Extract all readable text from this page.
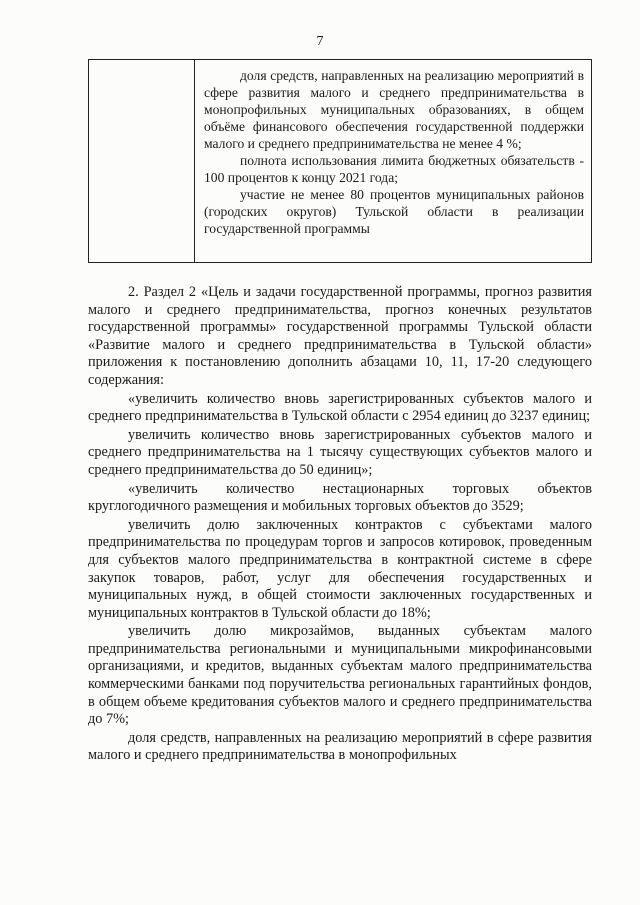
7

доля средств, направленных на реализацию мероприятий в сфере развития малого и среднего предпринимательства в монопрофильных муниципальных образованиях, в общем объёме финансового обеспечения государственной поддержки малого и среднего предпринимательства не менее 4 %;

полнота использования лимита бюджетных обязательств - 100 процентов к концу 2021 года;

участие не менее 80 процентов муниципальных районов (городских округов) Тульской области в реализации государственной программы

2. Раздел 2 «Цель и задачи государственной программы, прогноз развития малого и среднего предпринимательства, прогноз конечных результатов государственной программы» государственной программы Тульской области «Развитие малого и среднего предпринимательства в Тульской области» приложения к постановлению дополнить абзацами 10, 11, 17-20 следующего содержания:

«увеличить количество вновь зарегистрированных субъектов малого и среднего предпринимательства в Тульской области с 2954 единиц до 3237 единиц;

увеличить количество вновь зарегистрированных субъектов малого и среднего предпринимательства на 1 тысячу существующих субъектов малого и среднего предпринимательства до 50 единиц»;

«увеличить количество нестационарных торговых объектов круглогодичного размещения и мобильных торговых объектов до 3529;

увеличить долю заключенных контрактов с субъектами малого предпринимательства по процедурам торгов и запросов котировок, проведенным для субъектов малого предпринимательства в контрактной системе в сфере закупок товаров, работ, услуг для обеспечения государственных и муниципальных нужд, в общей стоимости заключенных государственных и муниципальных контрактов в Тульской области до 18%;

увеличить долю микрозаймов, выданных субъектам малого предпринимательства региональными и муниципальными микрофинансовыми организациями, и кредитов, выданных субъектам малого предпринимательства коммерческими банками под поручительства региональных гарантийных фондов, в общем объеме кредитования субъектов малого и среднего предпринимательства до 7%;

доля средств, направленных на реализацию мероприятий в сфере развития малого и среднего предпринимательства в монопрофильных
